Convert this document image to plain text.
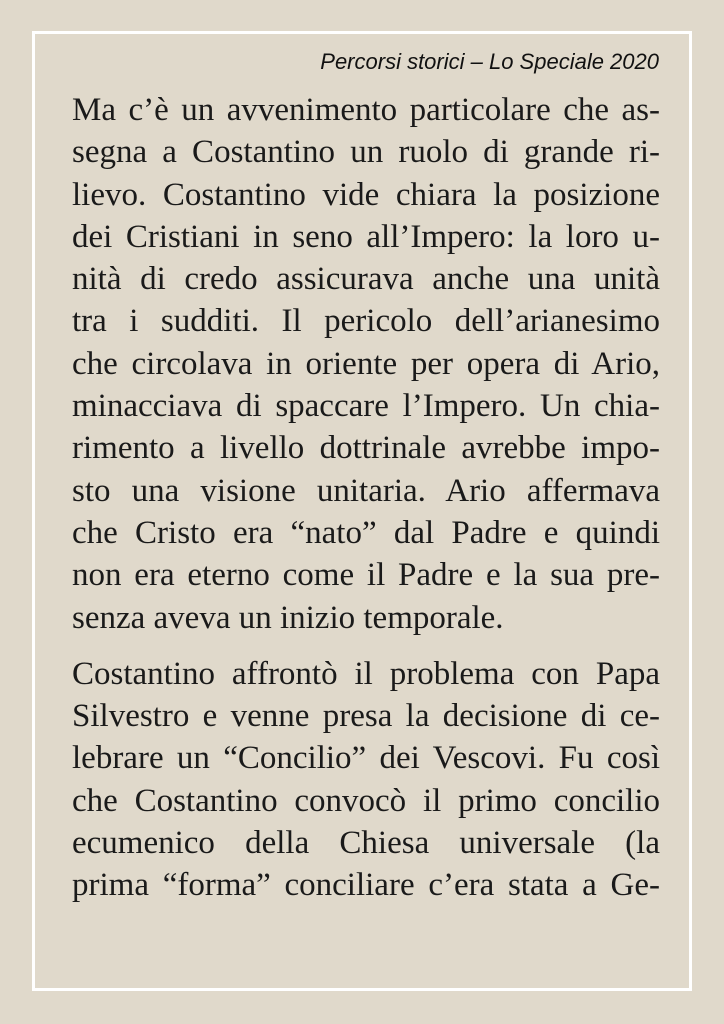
Percorsi storici – Lo Speciale 2020
Ma c’è un avvenimento particolare che as-
segna a Costantino un ruolo di grande ri-
lievo. Costantino vide chiara la posizione
dei Cristiani in seno all’Impero: la loro u-
nità di credo assicurava anche una unità
tra i sudditi. Il pericolo dell’arianesimo
che circolava in oriente per opera di Ario,
minacciava di spaccare l’Impero. Un chia-
rimento a livello dottrinale avrebbe impo-
sto una visione unitaria. Ario affermava
che Cristo era “nato” dal Padre e quindi
non era eterno come il Padre e la sua pre-
senza aveva un inizio temporale.
Costantino affrontò il problema con Papa
Silvestro e venne presa la decisione di ce-
lebrare un “Concilio” dei Vescovi. Fu così
che Costantino convocò il primo concilio
ecumenico della Chiesa universale (la
prima “forma” conciliare c’era stata a Ge-
